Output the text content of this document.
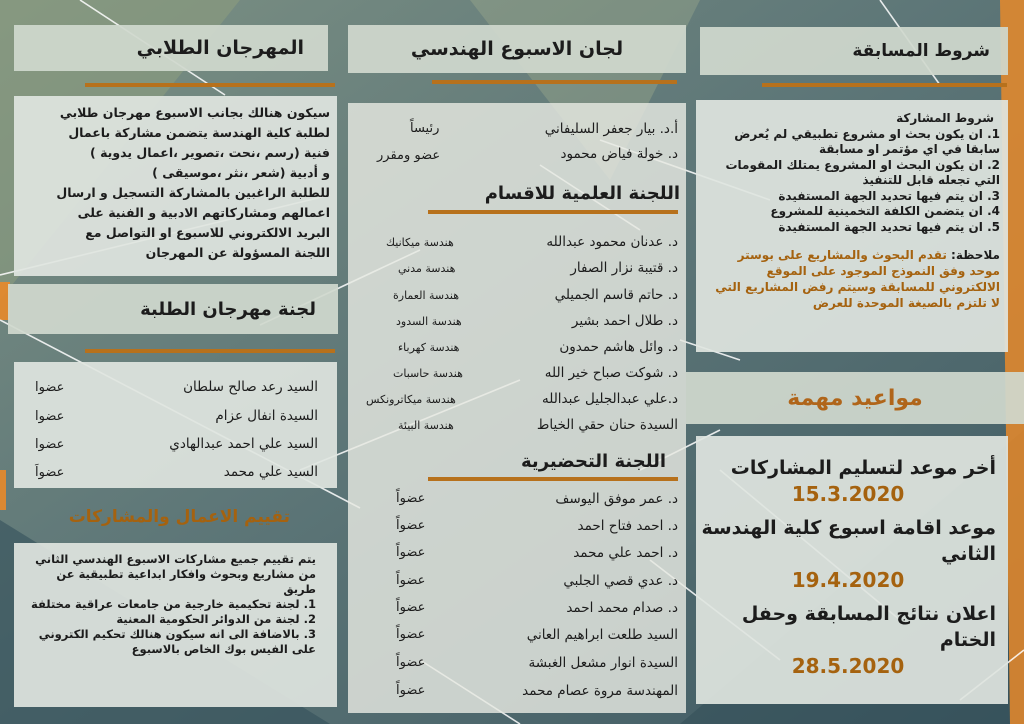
شروط المسابقة

شروط المشاركة

1. ان يكون بحث او مشروع تطبيقي لم يُعرض سابقا في اي مؤتمر او مسابقة

2. ان يكون البحث او المشروع يمتلك المقومات التي تجعله قابل للتنفيذ

3. ان يتم فيها تحديد الجهة المستفيدة

4. ان يتضمن الكلفة التخمينية للمشروع

5. ان يتم فيها تحديد الجهة المستفيدة

ملاحظة: تقدم البحوث والمشاريع على بوستر موحد وفق النموذج الموجود على الموقع الالكتروني للمسابقة وسيتم رفض المشاريع التي لا تلتزم بالصيغة الموحدة للعرض

مواعيد مهمة

أخر موعد لتسليم المشاركات

15.3.2020

موعد اقامة اسبوع كلية الهندسة الثاني

19.4.2020

اعلان نتائج المسابقة وحفل الختام

28.5.2020

لجان الاسبوع الهندسي
أ.د. بيار جعفر السليفاني
رئيساً
د. خولة فياض محمود
عضو ومقرر
اللجنة العلمية للاقسام
د. عدنان محمود عبدالله
هندسة ميكانيك
د. قتيبة نزار الصفار
هندسة مدني
د. حاتم قاسم الجميلي
هندسة العمارة
د. طلال احمد بشير
هندسة السدود
د. وائل هاشم حمدون
هندسة كهرباء
د. شوكت صباح خير الله
هندسة حاسبات
د.علي عبدالجليل عبدالله
هندسة ميكاترونكس
السيدة حنان حقي الخياط
هندسة البيئة
اللجنة التحضيرية
د. عمر موفق اليوسف
عضواً
د. احمد فتاح احمد
عضواً
د. احمد علي محمد
عضواً
د. عدي قصي الجلبي
عضواً
د. صدام محمد احمد
عضواً
السيد طلعت ابراهيم العاني
عضواً
السيدة انوار مشعل الغبشة
عضواً
المهندسة مروة عصام محمد
عضواً
المهرجان الطلابي

سيكون هنالك بجانب الاسبوع مهرجان طلابي

لطلبة كلية الهندسة يتضمن مشاركة باعمال

فنية (رسم ،نحت ،تصوير ،اعمال يدوية )

و أدبية (شعر ،نثر ،موسيقى )

للطلبة الراغبين بالمشاركة التسجيل و ارسال

اعمالهم ومشاركاتهم الادبية و الفنية على

البريد الالكتروني للاسبوع او التواصل مع

اللجنة المسؤولة عن المهرجان

لجنة مهرجان الطلبة
السيد رعد صالح سلطان
عضوا
السيدة انفال عزام
عضوا
السيد علي احمد عبدالهادي
عضوا
السيد علي محمد
عضواَ
تقييم الاعمال والمشاركات

يتم تقييم جميع مشاركات الاسبوع الهندسي الثاني من مشاريع وبحوث وافكار ابداعية تطبيقية عن طريق

1. لجنة تحكيمية خارجية من جامعات عراقية مختلفة

2. لجنة من الدوائر الحكومية المعنية

3. بالاضافة الى انه سيكون هنالك تحكيم الكتروني على الفيس بوك الخاص بالاسبوع
